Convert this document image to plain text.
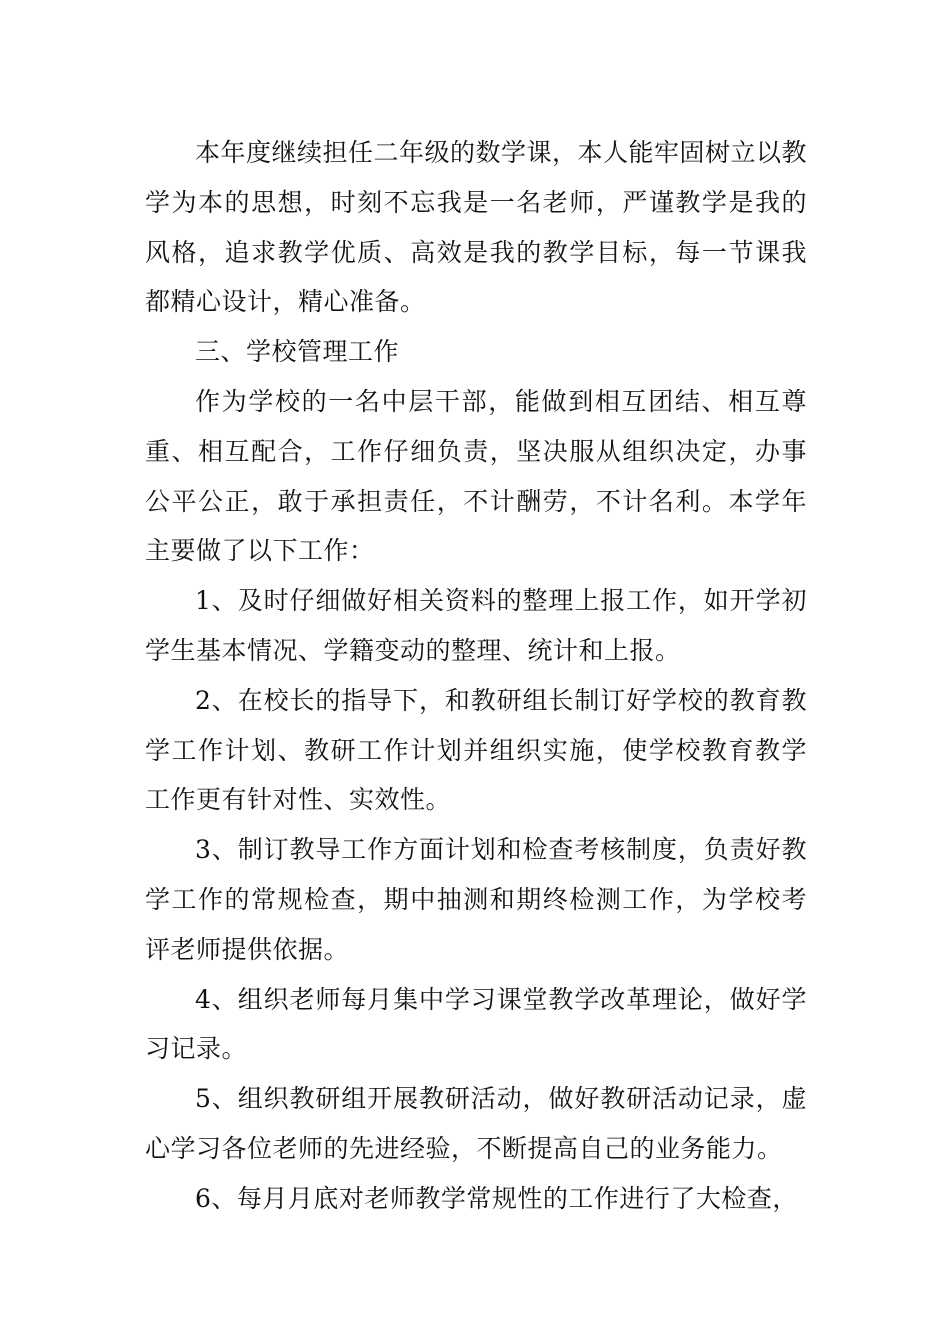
本年度继续担任二年级的数学课，本人能牢固树立以教学为本的思想，时刻不忘我是一名老师，严谨教学是我的风格，追求教学优质、高效是我的教学目标，每一节课我都精心设计，精心准备。

三、学校管理工作

作为学校的一名中层干部，能做到相互团结、相互尊重、相互配合，工作仔细负责，坚决服从组织决定，办事公平公正，敢于承担责任，不计酬劳，不计名利。本学年主要做了以下工作：

1、及时仔细做好相关资料的整理上报工作，如开学初学生基本情况、学籍变动的整理、统计和上报。

2、在校长的指导下，和教研组长制订好学校的教育教学工作计划、教研工作计划并组织实施，使学校教育教学工作更有针对性、实效性。

3、制订教导工作方面计划和检查考核制度，负责好教学工作的常规检查，期中抽测和期终检测工作，为学校考评老师提供依据。

4、组织老师每月集中学习课堂教学改革理论，做好学习记录。

5、组织教研组开展教研活动，做好教研活动记录，虚心学习各位老师的先进经验，不断提高自己的业务能力。

6、每月月底对老师教学常规性的工作进行了大检查，
